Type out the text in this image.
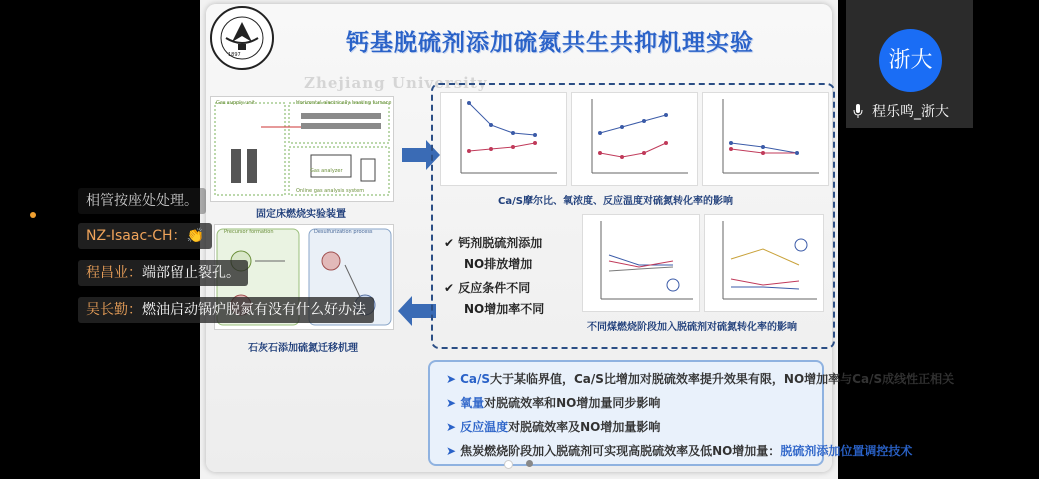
1897	钙基脱硫剂添加硫氮共生共抑机理实验
Zhejiang University
Gas supply unit	Horizontal electrically heating furnace
Gas analyzer
Online gas analysis system
固定床燃烧实验装置
Precursor formation	Desulfurization process
石灰石添加硫氮迁移机理
Ca/S摩尔比、氧浓度、反应温度对硫氮转化率的影响
✔ 钙剂脱硫剂添加
NO排放增加
✔ 反应条件不同
NO增加率不同
不同煤燃烧阶段加入脱硫剂对硫氮转化率的影响
➤ Ca/S大于某临界值，Ca/S比增加对脱硫效率提升效果有限，NO增加率与Ca/S成线性正相关
➤ 氧量对脱硫效率和NO增加量同步影响
➤ 反应温度对脱硫效率及NO增加量影响
➤ 焦炭燃烧阶段加入脱硫剂可实现高脱硫效率及低NO增加量：脱硫剂添加位置调控技术
相管按座处处理。
NZ-Isaac-CH：👏
程昌业：端部留止裂孔。
吴长勤：燃油启动锅炉脱氮有没有什么好办法
浙大
程乐鸣_浙大
